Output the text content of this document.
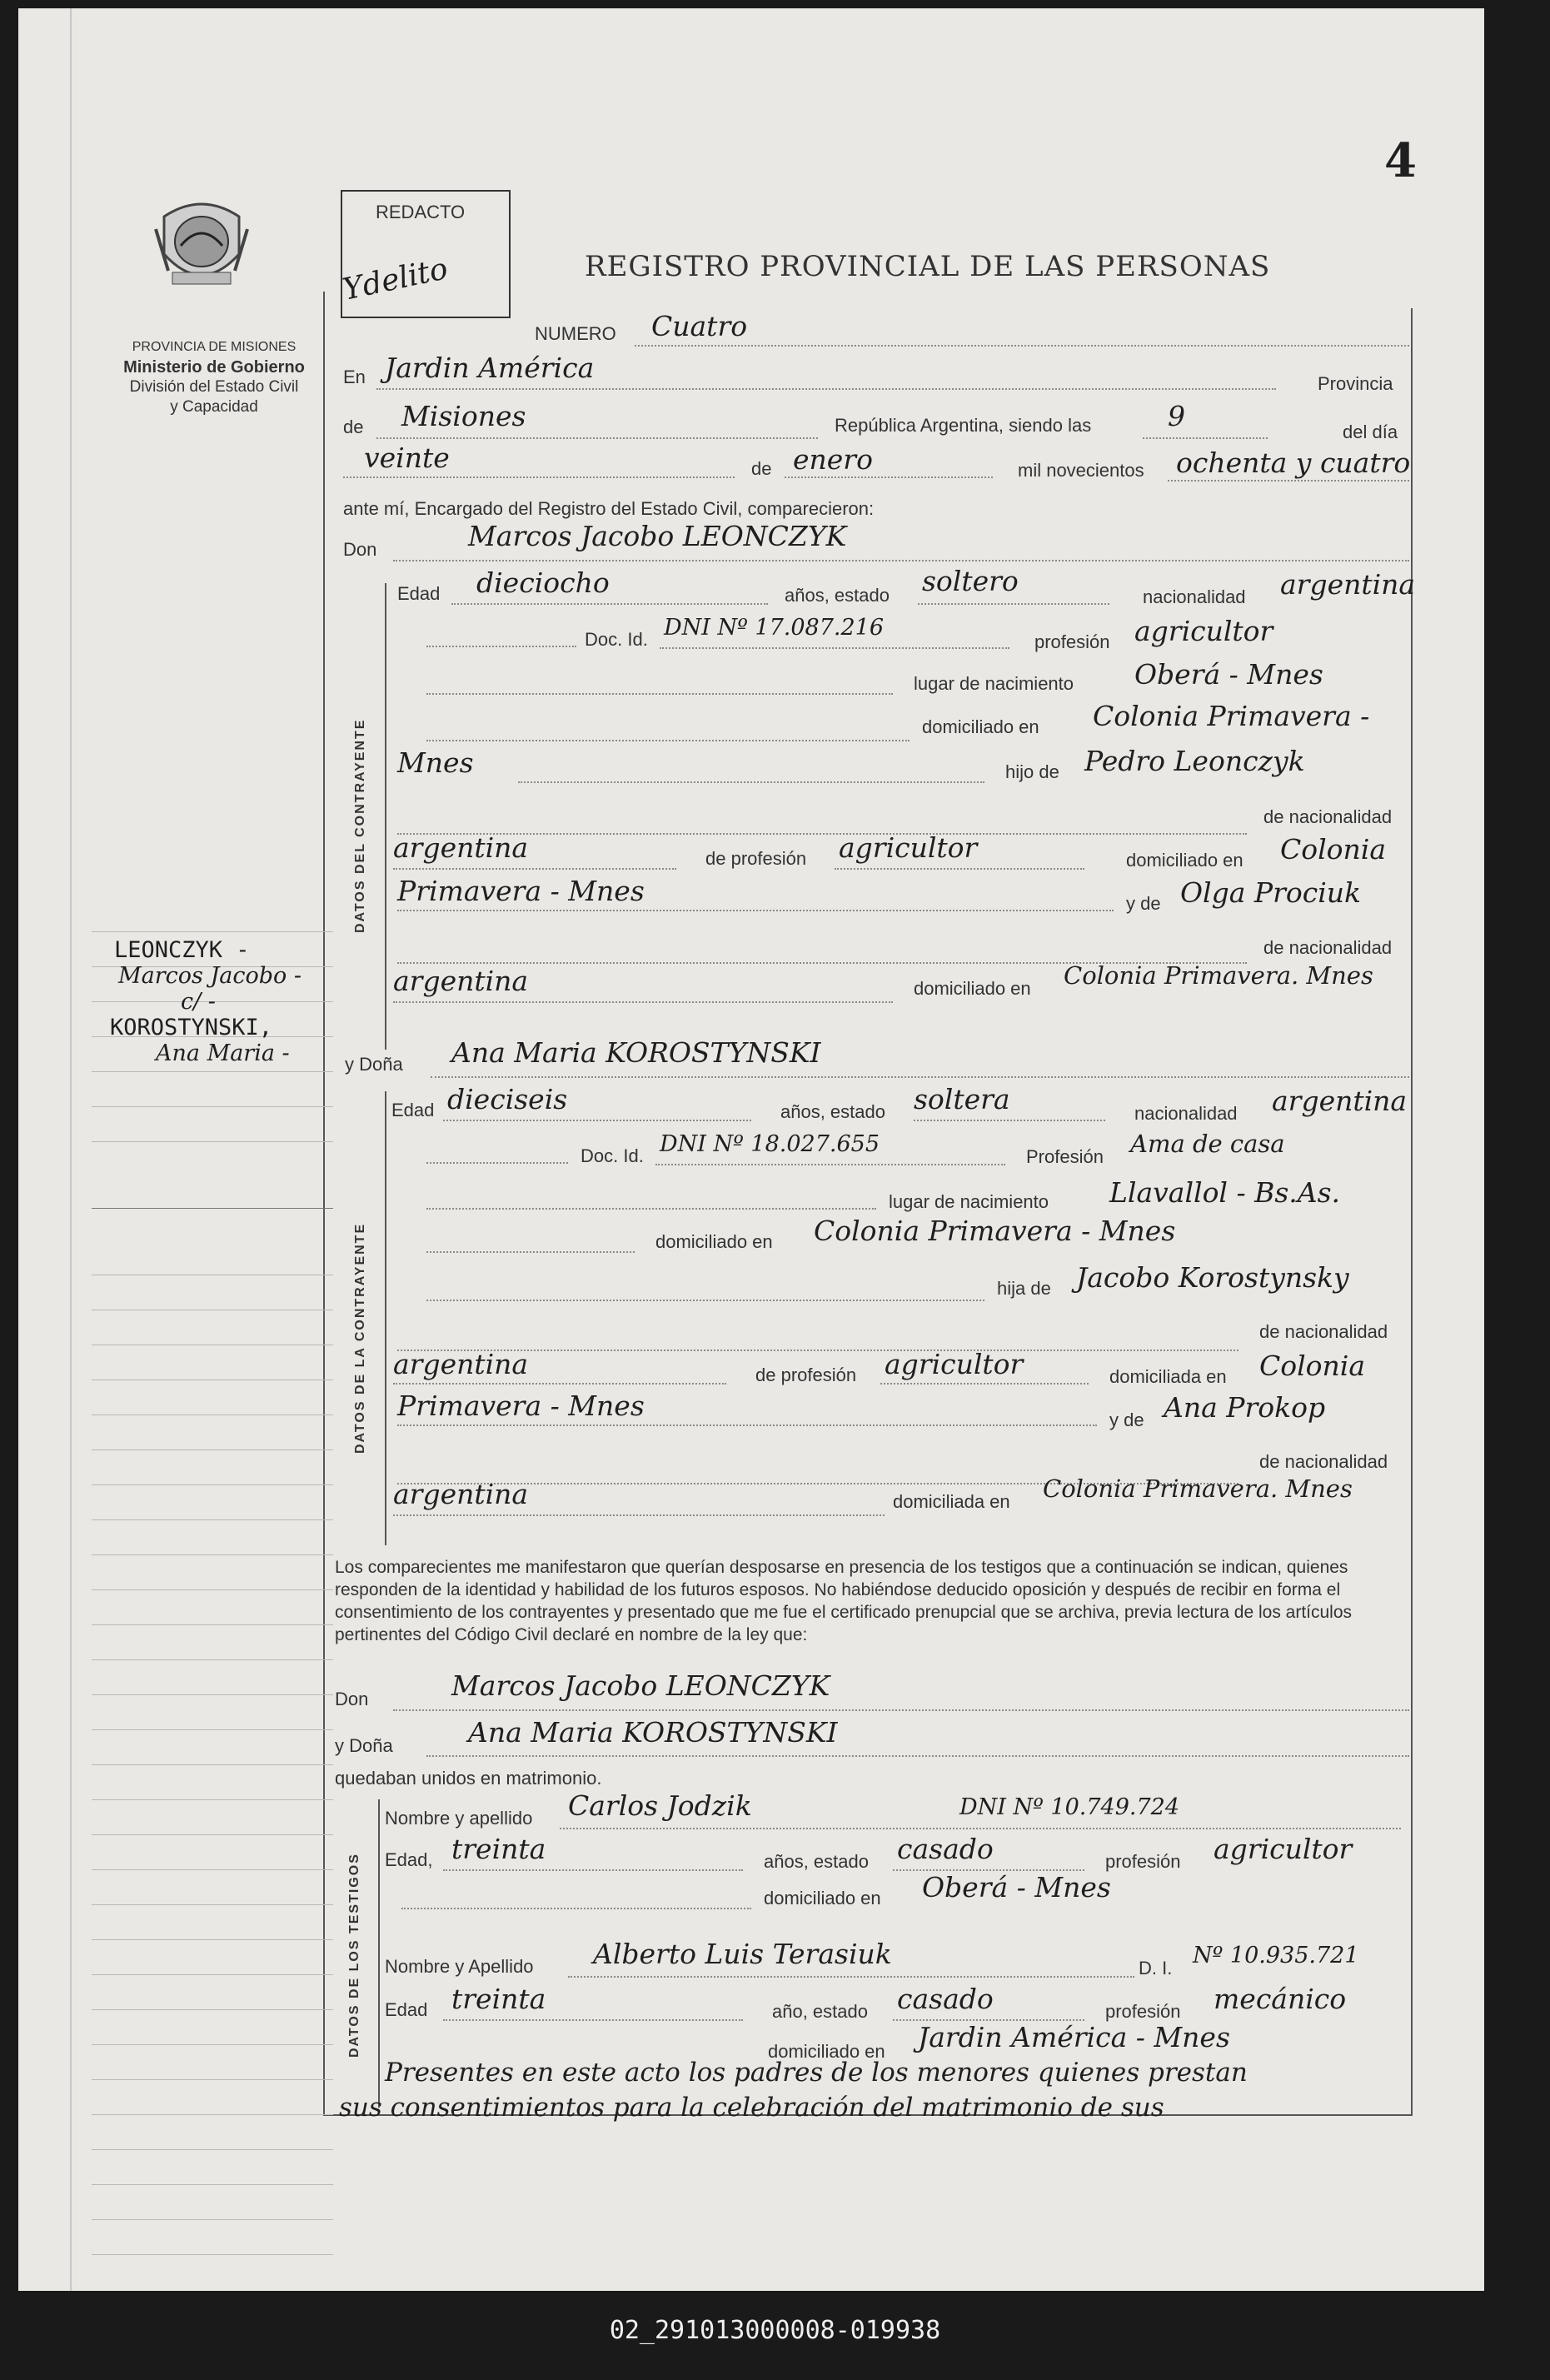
4
PROVINCIA DE MISIONES
Ministerio de Gobierno
División del Estado Civil
y Capacidad
REDACTO
Ydelito	REGISTRO PROVINCIAL DE LAS PERSONAS
NUMERO Cuatro
En Jardin América	Provincia
de Misiones	República Argentina, siendo las	9	del día
veinte	de enero	mil novecientos ochenta y cuatro
ante mí, Encargado del Registro del Estado Civil, comparecieron:
Don	Marcos Jacobo LEONCZYK
DATOS DEL CONTRAYENTE
Edad dieciocho	años, estado soltero	nacionalidad argentina
Doc. Id. DNI Nº 17.087.216
profesión agricultor
lugar de nacimiento Oberá - Mnes
domiciliado en Colonia Primavera -
Mnes	hijo de Pedro Leonczyk
de nacionalidad
argentina	de profesión agricultor	domiciliado en Colonia
Primavera - Mnes	y de Olga Prociuk
de nacionalidad
argentina	domiciliado en Colonia Primavera. Mnes
y Doña Ana Maria KOROSTYNSKI
DATOS DE LA CONTRAYENTE
Edad dieciseis	años, estado soltera	nacionalidad argentina
Doc. Id. DNI Nº 18.027.655	Profesión Ama de casa
lugar de nacimiento Llavallol - Bs.As.
domiciliado en Colonia Primavera - Mnes
hija de Jacobo Korostynsky
de nacionalidad
argentina	de profesión agricultor	domiciliada en Colonia
Primavera - Mnes	y de Ana Prokop
de nacionalidad
argentina	domiciliada en Colonia Primavera. Mnes
Los comparecientes me manifestaron que querían desposarse en presencia de los testigos que a continuación se indican, quienes responden de la identidad y habilidad de los futuros esposos. No habiéndose deducido oposición y después de recibir en forma el consentimiento de los contrayentes y presentado que me fue el certificado prenupcial que se archiva, previa lectura de los artículos pertinentes del Código Civil declaré en nombre de la ley que:
Don	Marcos Jacobo LEONCZYK
y Doña	Ana Maria KOROSTYNSKI
quedaban unidos en matrimonio.
DATOS DE LOS TESTIGOS
Nombre y apellido Carlos Jodzik	DNI Nº 10.749.724
Edad, treinta	años, estado casado	profesión agricultor
domiciliado en Oberá - Mnes
Nombre y Apellido Alberto Luis Terasiuk	D. I. Nº 10.935.721
Edad treinta	año, estado casado	profesión mecánico
domiciliado en Jardin América - Mnes
Presentes en este acto los padres de los menores quienes prestan
sus consentimientos para la celebración del matrimonio de sus
LEONCZYK -
Marcos Jacobo -
c/ -
KOROSTYNSKI,
Ana Maria -
02_291013000008-019938
